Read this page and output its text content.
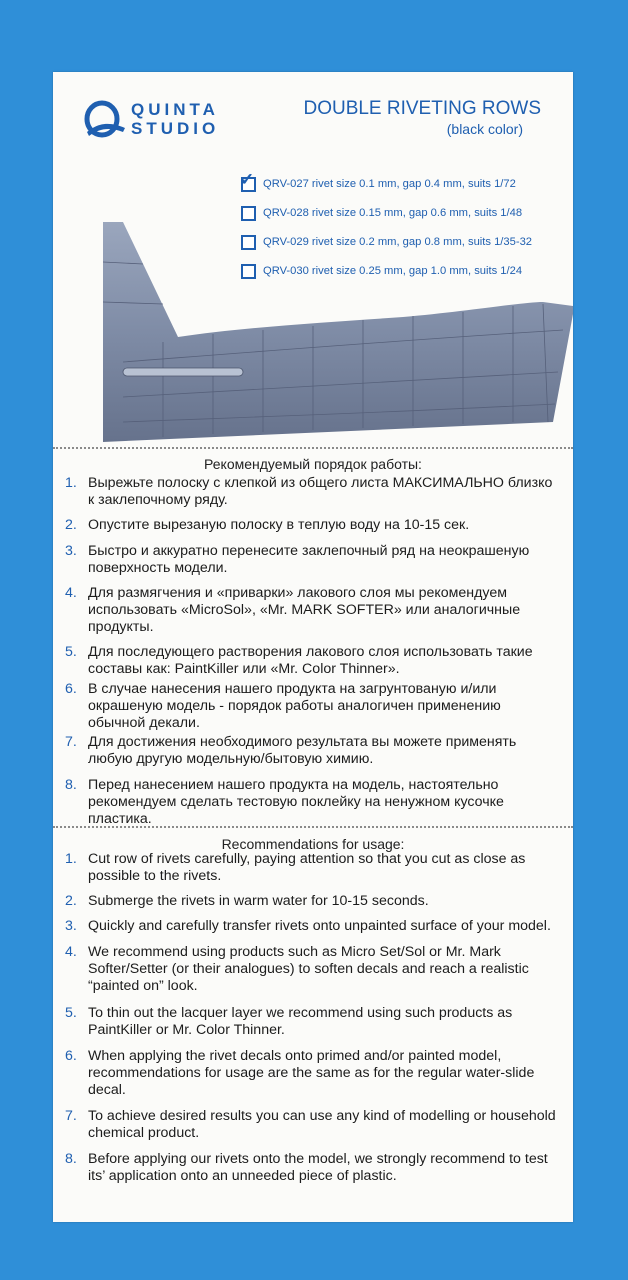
QUINTA
STUDIO
DOUBLE RIVETING ROWS
(black color)
✓ QRV-027 rivet size 0.1 mm, gap 0.4 mm, suits 1/72
QRV-028 rivet size 0.15 mm, gap 0.6 mm, suits 1/48
QRV-029 rivet size 0.2 mm, gap 0.8 mm, suits 1/35-32
QRV-030 rivet size 0.25 mm, gap 1.0 mm, suits 1/24
Рекомендуемый порядок работы:
1. Вырежьте полоску с клепкой из общего листа МАКСИМАЛЬНО близко к заклепочному ряду.
2. Опустите вырезаную полоску в теплую воду на 10-15 сек.
3. Быстро и аккуратно перенесите заклепочный ряд на неокрашеную поверхность модели.
4. Для размягчения и «приварки» лакового слоя мы рекомендуем использовать «MicroSol», «Mr. MARK SOFTER» или аналогичные продукты.
5. Для последующего растворения лакового слоя использовать такие составы как: PaintKiller или «Mr. Color Thinner».
6. В случае нанесения нашего продукта на загрунтованую и/или окрашеную модель - порядок работы аналогичен применению обычной декали.
7. Для достижения необходимого результата вы можете применять любую другую модельную/бытовую химию.
8. Перед нанесением нашего продукта на модель, настоятельно рекомендуем сделать тестовую поклейку на ненужном кусочке пластика.
Recommendations for usage:
1. Cut row of rivets carefully, paying attention so that you cut as close as possible to the rivets.
2. Submerge the rivets in warm water for 10-15 seconds.
3. Quickly and carefully transfer rivets onto unpainted surface of your model.
4. We recommend using products such as Micro Set/Sol or Mr. Mark Softer/Setter (or their analogues) to soften decals and reach a realistic “painted on” look.
5. To thin out the lacquer layer we recommend using such products as PaintKiller or Mr. Color Thinner.
6. When applying the rivet decals onto primed and/or painted model, recommendations for usage are the same as for the regular water-slide decal.
7. To achieve desired results you can use any kind of modelling or household chemical product.
8. Before applying our rivets onto the model, we strongly recommend to test its’ application onto an unneeded piece of plastic.
